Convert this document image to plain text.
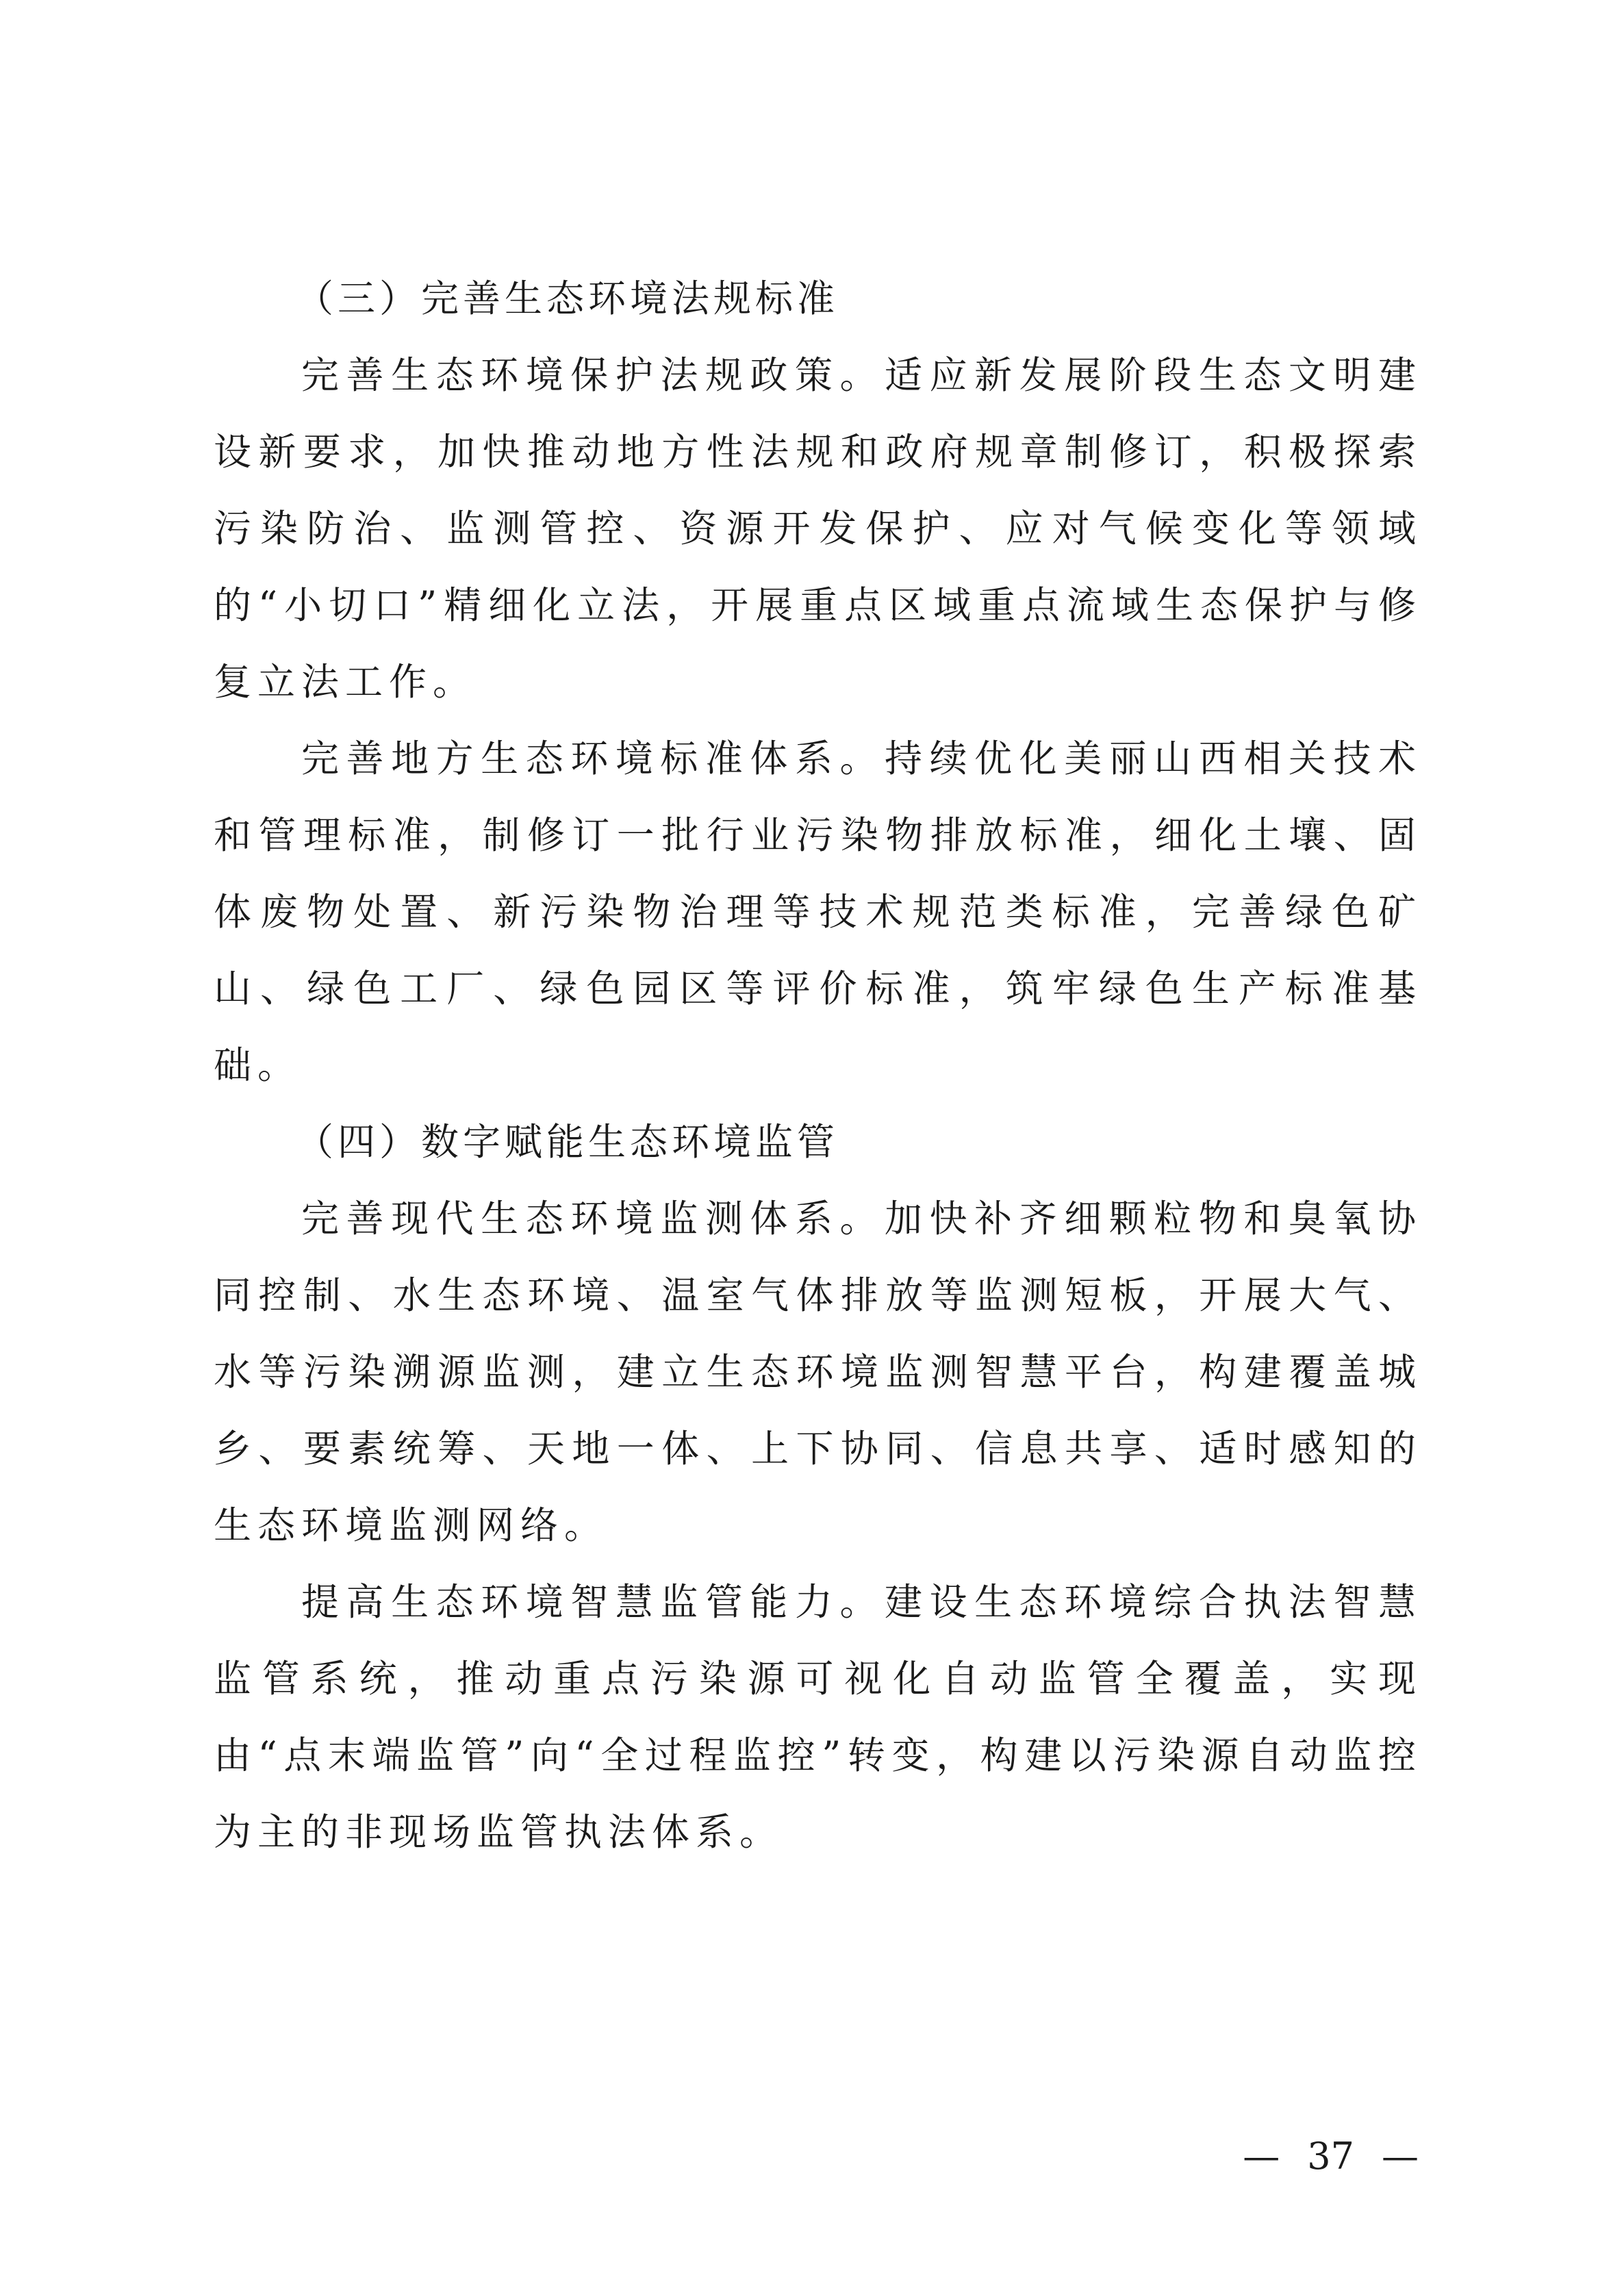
（三）完善生态环境法规标准

完善生态环境保护法规政策。适应新发展阶段生态文明建设新要求，加快推动地方性法规和政府规章制修订，积极探索污染防治、监测管控、资源开发保护、应对气候变化等领域的“小切口”精细化立法，开展重点区域重点流域生态保护与修复立法工作。

完善地方生态环境标准体系。持续优化美丽山西相关技术和管理标准，制修订一批行业污染物排放标准，细化土壤、固体废物处置、新污染物治理等技术规范类标准，完善绿色矿山、绿色工厂、绿色园区等评价标准，筑牢绿色生产标准基础。

（四）数字赋能生态环境监管

完善现代生态环境监测体系。加快补齐细颗粒物和臭氧协同控制、水生态环境、温室气体排放等监测短板，开展大气、水等污染溯源监测，建立生态环境监测智慧平台，构建覆盖城乡、要素统筹、天地一体、上下协同、信息共享、适时感知的生态环境监测网络。

提高生态环境智慧监管能力。建设生态环境综合执法智慧监管系统，推动重点污染源可视化自动监管全覆盖，实现由“点末端监管”向“全过程监控”转变，构建以污染源自动监控为主的非现场监管执法体系。

— 37 —
